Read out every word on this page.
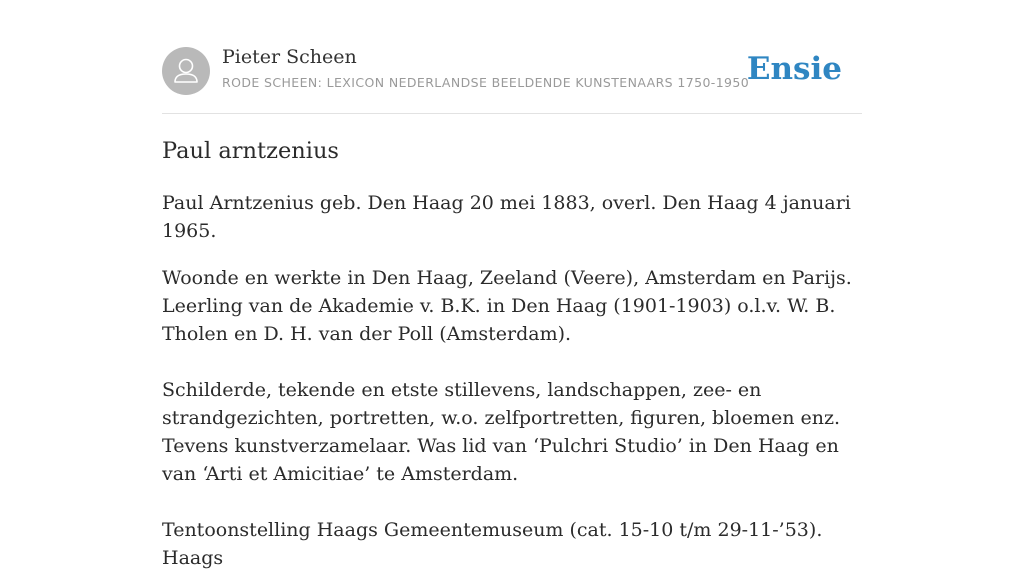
Pieter Scheen
RODE SCHEEN: LEXICON NEDERLANDSE BEELDENDE KUNSTENAARS 1750-1950
Ensie
Paul arntzenius

Paul Arntzenius geb. Den Haag 20 mei 1883, overl. Den Haag 4 januari 1965.

Woonde en werkte in Den Haag, Zeeland (Veere), Amsterdam en Parijs. Leerling van de Akademie v. B.K. in Den Haag (1901-1903) o.l.v. W. B. Tholen en D. H. van der Poll (Amsterdam).

Schilderde, tekende en etste stillevens, landschappen, zee- en strandgezichten, portretten, w.o. zelfportretten, figuren, bloemen enz. Tevens kunstverzamelaar. Was lid van ‘Pulchri Studio’ in Den Haag en van ‘Arti et Amicitiae’ te Amsterdam.

Tentoonstelling Haags Gemeentemuseum (cat. 15-10 t/m 29-11-’53). Haags
